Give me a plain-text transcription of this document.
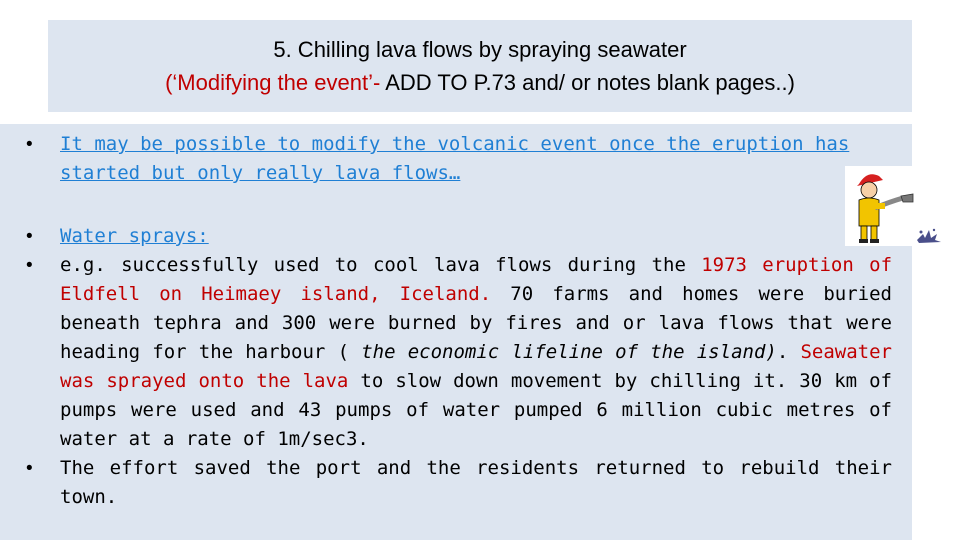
5. Chilling lava flows by spraying seawater
(‘Modifying the event’- ADD TO P.73 and/ or notes blank pages..)
• It may be possible to modify the volcanic event once the eruption has started but only really lava flows…
• Water sprays:
• e.g. successfully used to cool lava flows during the 1973 eruption of Eldfell on Heimaey island, Iceland. 70 farms and homes were buried beneath tephra and 300 were burned by fires and or lava flows that were heading for the harbour ( the economic lifeline of the island). Seawater was sprayed onto the lava to slow down movement by chilling it. 30 km of pumps were used and 43 pumps of water pumped 6 million cubic metres of water at a rate of 1m/sec3.
• The effort saved the port and the residents returned to rebuild their town.
